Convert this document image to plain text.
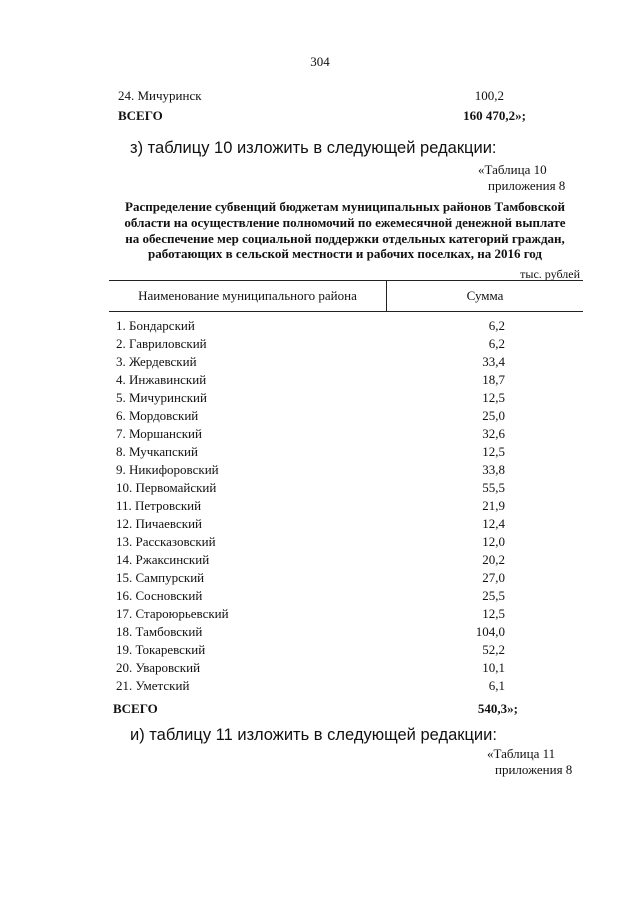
304
24. Мичуринск	100,2
ВСЕГО	160 470,2»;
з) таблицу 10 изложить в следующей редакции:
«Таблица 10
приложения 8
Распределение субвенций бюджетам муниципальных районов Тамбовской
области на осуществление полномочий по ежемесячной денежной выплате
на обеспечение мер социальной поддержки отдельных категорий граждан,
работающих в сельской местности и рабочих поселках, на 2016 год
тыс. рублей
Наименование муниципального района	Сумма
1. Бондарский	6,2
2. Гавриловский	6,2
3. Жердевский	33,4
4. Инжавинский	18,7
5. Мичуринский	12,5
6. Мордовский	25,0
7. Моршанский	32,6
8. Мучкапский	12,5
9. Никифоровский	33,8
10. Первомайский	55,5
11. Петровский	21,9
12. Пичаевский	12,4
13. Рассказовский	12,0
14. Ржаксинский	20,2
15. Сампурский	27,0
16. Сосновский	25,5
17. Староюрьевский	12,5
18. Тамбовский	104,0
19. Токаревский	52,2
20. Уваровский	10,1
21. Уметский	6,1
ВСЕГО	540,3»;
и) таблицу 11 изложить в следующей редакции:
«Таблица 11
приложения 8
